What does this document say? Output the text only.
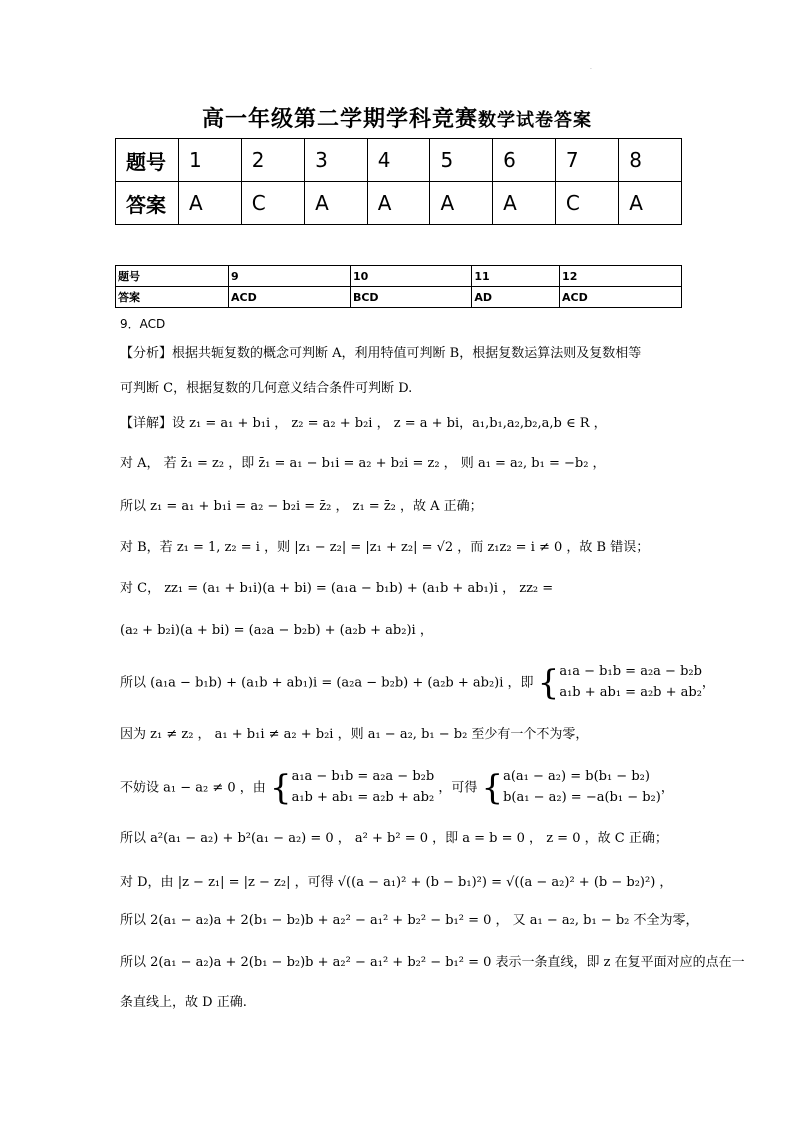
·
高一年级第二学期学科竞赛数学试卷答案
题号	1	2	3	4	5	6	7	8
答案	A	C	A	A	A	A	C	A
题号	9	10	11	12
答案	ACD	BCD	AD	ACD
9．ACD
【分析】根据共轭复数的概念可判断 A，利用特值可判断 B，根据复数运算法则及复数相等
可判断 C，根据复数的几何意义结合条件可判断 D.
【详解】设 z₁ = a₁ + b₁i ， z₂ = a₂ + b₂i ， z = a + bi，a₁,b₁,a₂,b₂,a,b ∈ R ，
对 A， 若 z̄₁ = z₂ ，即 z̄₁ = a₁ − b₁i = a₂ + b₂i = z₂ ， 则 a₁ = a₂, b₁ = −b₂ ，
所以 z₁ = a₁ + b₁i = a₂ − b₂i = z̄₂ ， z₁ = z̄₂ ，故 A 正确；
对 B，若 z₁ = 1, z₂ = i ，则 |z₁ − z₂| = |z₁ + z₂| = √2 ，而 z₁z₂ = i ≠ 0 ，故 B 错误；
对 C， zz₁ = (a₁ + b₁i)(a + bi) = (a₁a − b₁b) + (a₁b + ab₁)i ， zz₂ =
(a₂ + b₂i)(a + bi) = (a₂a − b₂b) + (a₂b + ab₂)i ，
所以 (a₁a − b₁b) + (a₁b + ab₁)i = (a₂a − b₂b) + (a₂b + ab₂)i ，即 { a₁a − b₁b = a₂a − b₂b
a₁b + ab₁ = a₂b + ab₂
，
因为 z₁ ≠ z₂ ， a₁ + b₁i ≠ a₂ + b₂i ，则 a₁ − a₂, b₁ − b₂ 至少有一个不为零，
不妨设 a₁ − a₂ ≠ 0 ，由 { a₁a − b₁b = a₂a − b₂b
a₁b + ab₁ = a₂b + ab₂
，可得 { a(a₁ − a₂) = b(b₁ − b₂)
b(a₁ − a₂) = −a(b₁ − b₂)
，
所以 a²(a₁ − a₂) + b²(a₁ − a₂) = 0 ， a² + b² = 0 ，即 a = b = 0 ， z = 0 ，故 C 正确；
对 D，由 |z − z₁| = |z − z₂| ，可得 √((a − a₁)² + (b − b₁)²) = √((a − a₂)² + (b − b₂)²) ，
所以 2(a₁ − a₂)a + 2(b₁ − b₂)b + a₂² − a₁² + b₂² − b₁² = 0 ， 又 a₁ − a₂, b₁ − b₂ 不全为零，
所以 2(a₁ − a₂)a + 2(b₁ − b₂)b + a₂² − a₁² + b₂² − b₁² = 0 表示一条直线，即 z 在复平面对应的点在一
条直线上，故 D 正确.
